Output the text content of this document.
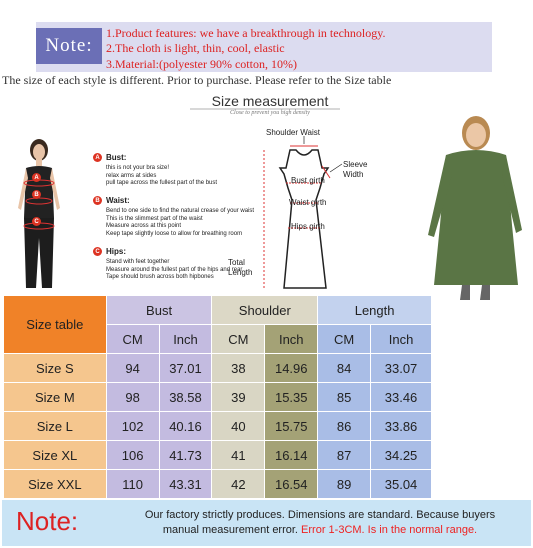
Note:
1.Product features: we have a breakthrough in technology.
2.The cloth is light, thin, cool, elastic
3.Material:(polyester 90% cotton, 10%)
The size of each style is different. Prior to purchase. Please refer to the Size table
Size measurement
Close to prevent you high density
A
B
C
A Bust:
this is not your bra size!
relax arms at sides
pull tape across the fullest part of the bust
B Waist:
Bend to one side to find the natural crease of your waist
This is the slimmest part of the waist
Measure across at this point
Keep tape slightly loose to allow for breathing room
C Hips:
Stand with feet together
Measure around the fullest part of the hips and rear
Tape should brush across both hipbones
Shoulder Waist
Sleeve Width
Bust girth
Waist girth
Hips girth
Total Length
Size table	Bust		Shoulder		Length	
	CM	Inch	CM	Inch	CM	Inch
Size S	94	37.01	38	14.96	84	33.07
Size M	98	38.58	39	15.35	85	33.46
Size L	102	40.16	40	15.75	86	33.86
Size XL	106	41.73	41	16.14	87	34.25
Size XXL	110	43.31	42	16.54	89	35.04
Note:	Our factory strictly produces. Dimensions are standard. Because buyers
manual measurement error. Error 1-3CM. Is in the normal range.
